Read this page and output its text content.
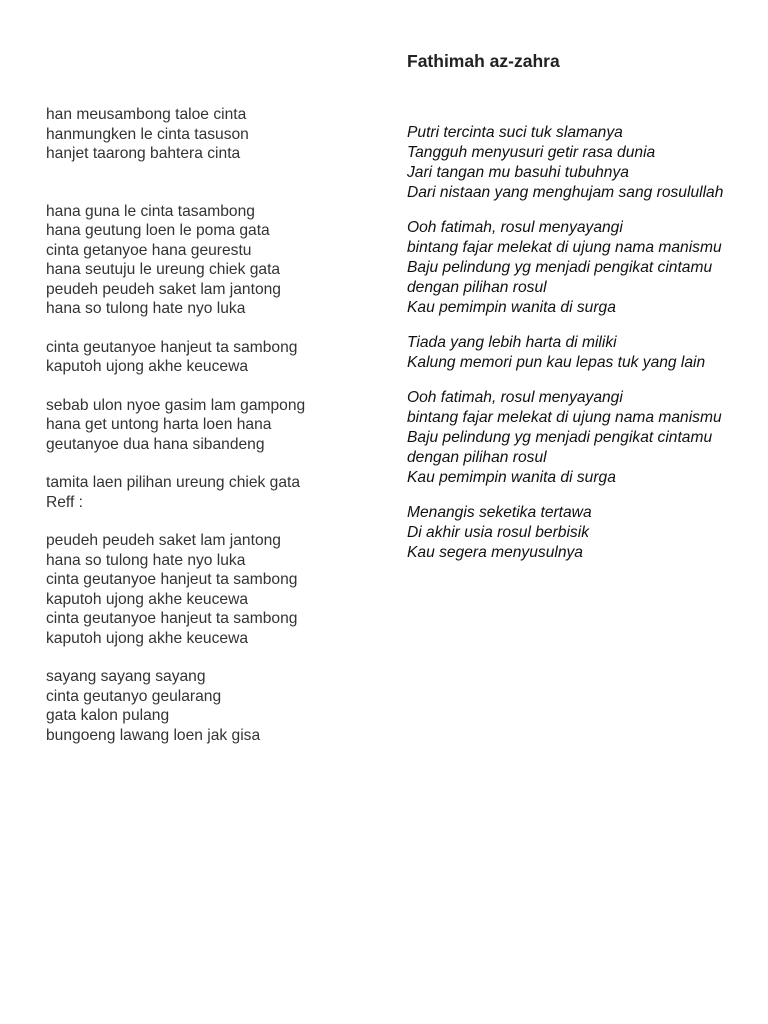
han meusambong taloe cinta
hanmungken le cinta tasuson
hanjet taarong bahtera cinta

hana guna le cinta tasambong
hana geutung loen le poma gata
cinta getanyoe hana geurestu
hana seutuju le ureung chiek gata
peudeh peudeh saket lam jantong
hana so tulong hate nyo luka

cinta geutanyoe hanjeut ta sambong
kaputoh ujong akhe keucewa

sebab ulon nyoe gasim lam gampong
hana get untong harta loen hana
geutanyoe dua hana sibandeng

tamita laen pilihan ureung chiek gata
Reff :

peudeh peudeh saket lam jantong
hana so tulong hate nyo luka
cinta geutanyoe hanjeut ta sambong
kaputoh ujong akhe keucewa
cinta geutanyoe hanjeut ta sambong
kaputoh ujong akhe keucewa

sayang sayang sayang
cinta geutanyo geularang
gata kalon pulang
bungoeng lawang loen jak gisa

Fathimah az-zahra

Putri tercinta suci tuk slamanya
Tangguh menyusuri getir rasa dunia
Jari tangan mu basuhi tubuhnya
Dari nistaan yang menghujam sang rosulullah

Ooh fatimah, rosul menyayangi
bintang fajar melekat di ujung nama manismu
Baju pelindung yg menjadi pengikat cintamu dengan pilihan rosul
Kau pemimpin wanita di surga

Tiada yang lebih harta di miliki
Kalung memori pun kau lepas tuk yang lain

Ooh fatimah, rosul menyayangi
bintang fajar melekat di ujung nama manismu
Baju pelindung yg menjadi pengikat cintamu dengan pilihan rosul
Kau pemimpin wanita di surga

Menangis seketika tertawa
Di akhir usia rosul berbisik
Kau segera menyusulnya
